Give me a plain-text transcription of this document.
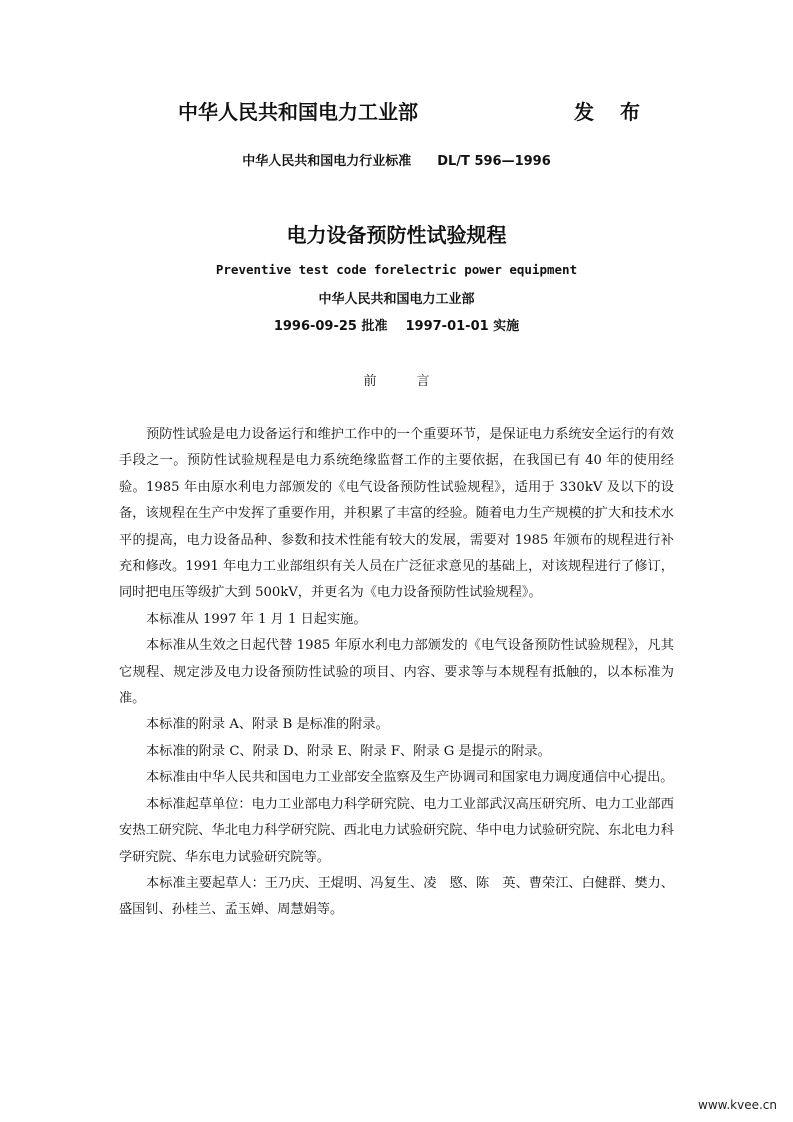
中华人民共和国电力工业部	发布
中华人民共和国电力行业标准 DL/T 596—1996
电力设备预防性试验规程
Preventive test code forelectric power equipment
中华人民共和国电力工业部
1996-09-25 批准 1997-01-01 实施
前言

预防性试验是电力设备运行和维护工作中的一个重要环节，是保证电力系统安全运行的有效手段之一。预防性试验规程是电力系统绝缘监督工作的主要依据，在我国已有 40 年的使用经验。1985 年由原水利电力部颁发的《电气设备预防性试验规程》，适用于 330kV 及以下的设备，该规程在生产中发挥了重要作用，并积累了丰富的经验。随着电力生产规模的扩大和技术水平的提高，电力设备品种、参数和技术性能有较大的发展，需要对 1985 年颁布的规程进行补充和修改。1991 年电力工业部组织有关人员在广泛征求意见的基础上，对该规程进行了修订，同时把电压等级扩大到 500kV，并更名为《电力设备预防性试验规程》。

本标准从 1997 年 1 月 1 日起实施。

本标准从生效之日起代替 1985 年原水利电力部颁发的《电气设备预防性试验规程》，凡其它规程、规定涉及电力设备预防性试验的项目、内容、要求等与本规程有抵触的，以本标准为准。

本标准的附录 A、附录 B 是标准的附录。

本标准的附录 C、附录 D、附录 E、附录 F、附录 G 是提示的附录。

本标准由中华人民共和国电力工业部安全监察及生产协调司和国家电力调度通信中心提出。

本标准起草单位：电力工业部电力科学研究院、电力工业部武汉高压研究所、电力工业部西安热工研究院、华北电力科学研究院、西北电力试验研究院、华中电力试验研究院、东北电力科学研究院、华东电力试验研究院等。

本标准主要起草人：王乃庆、王焜明、冯复生、凌　愍、陈　英、曹荣江、白健群、樊力、盛国钊、孙桂兰、孟玉婵、周慧娟等。

www.kvee.cn
